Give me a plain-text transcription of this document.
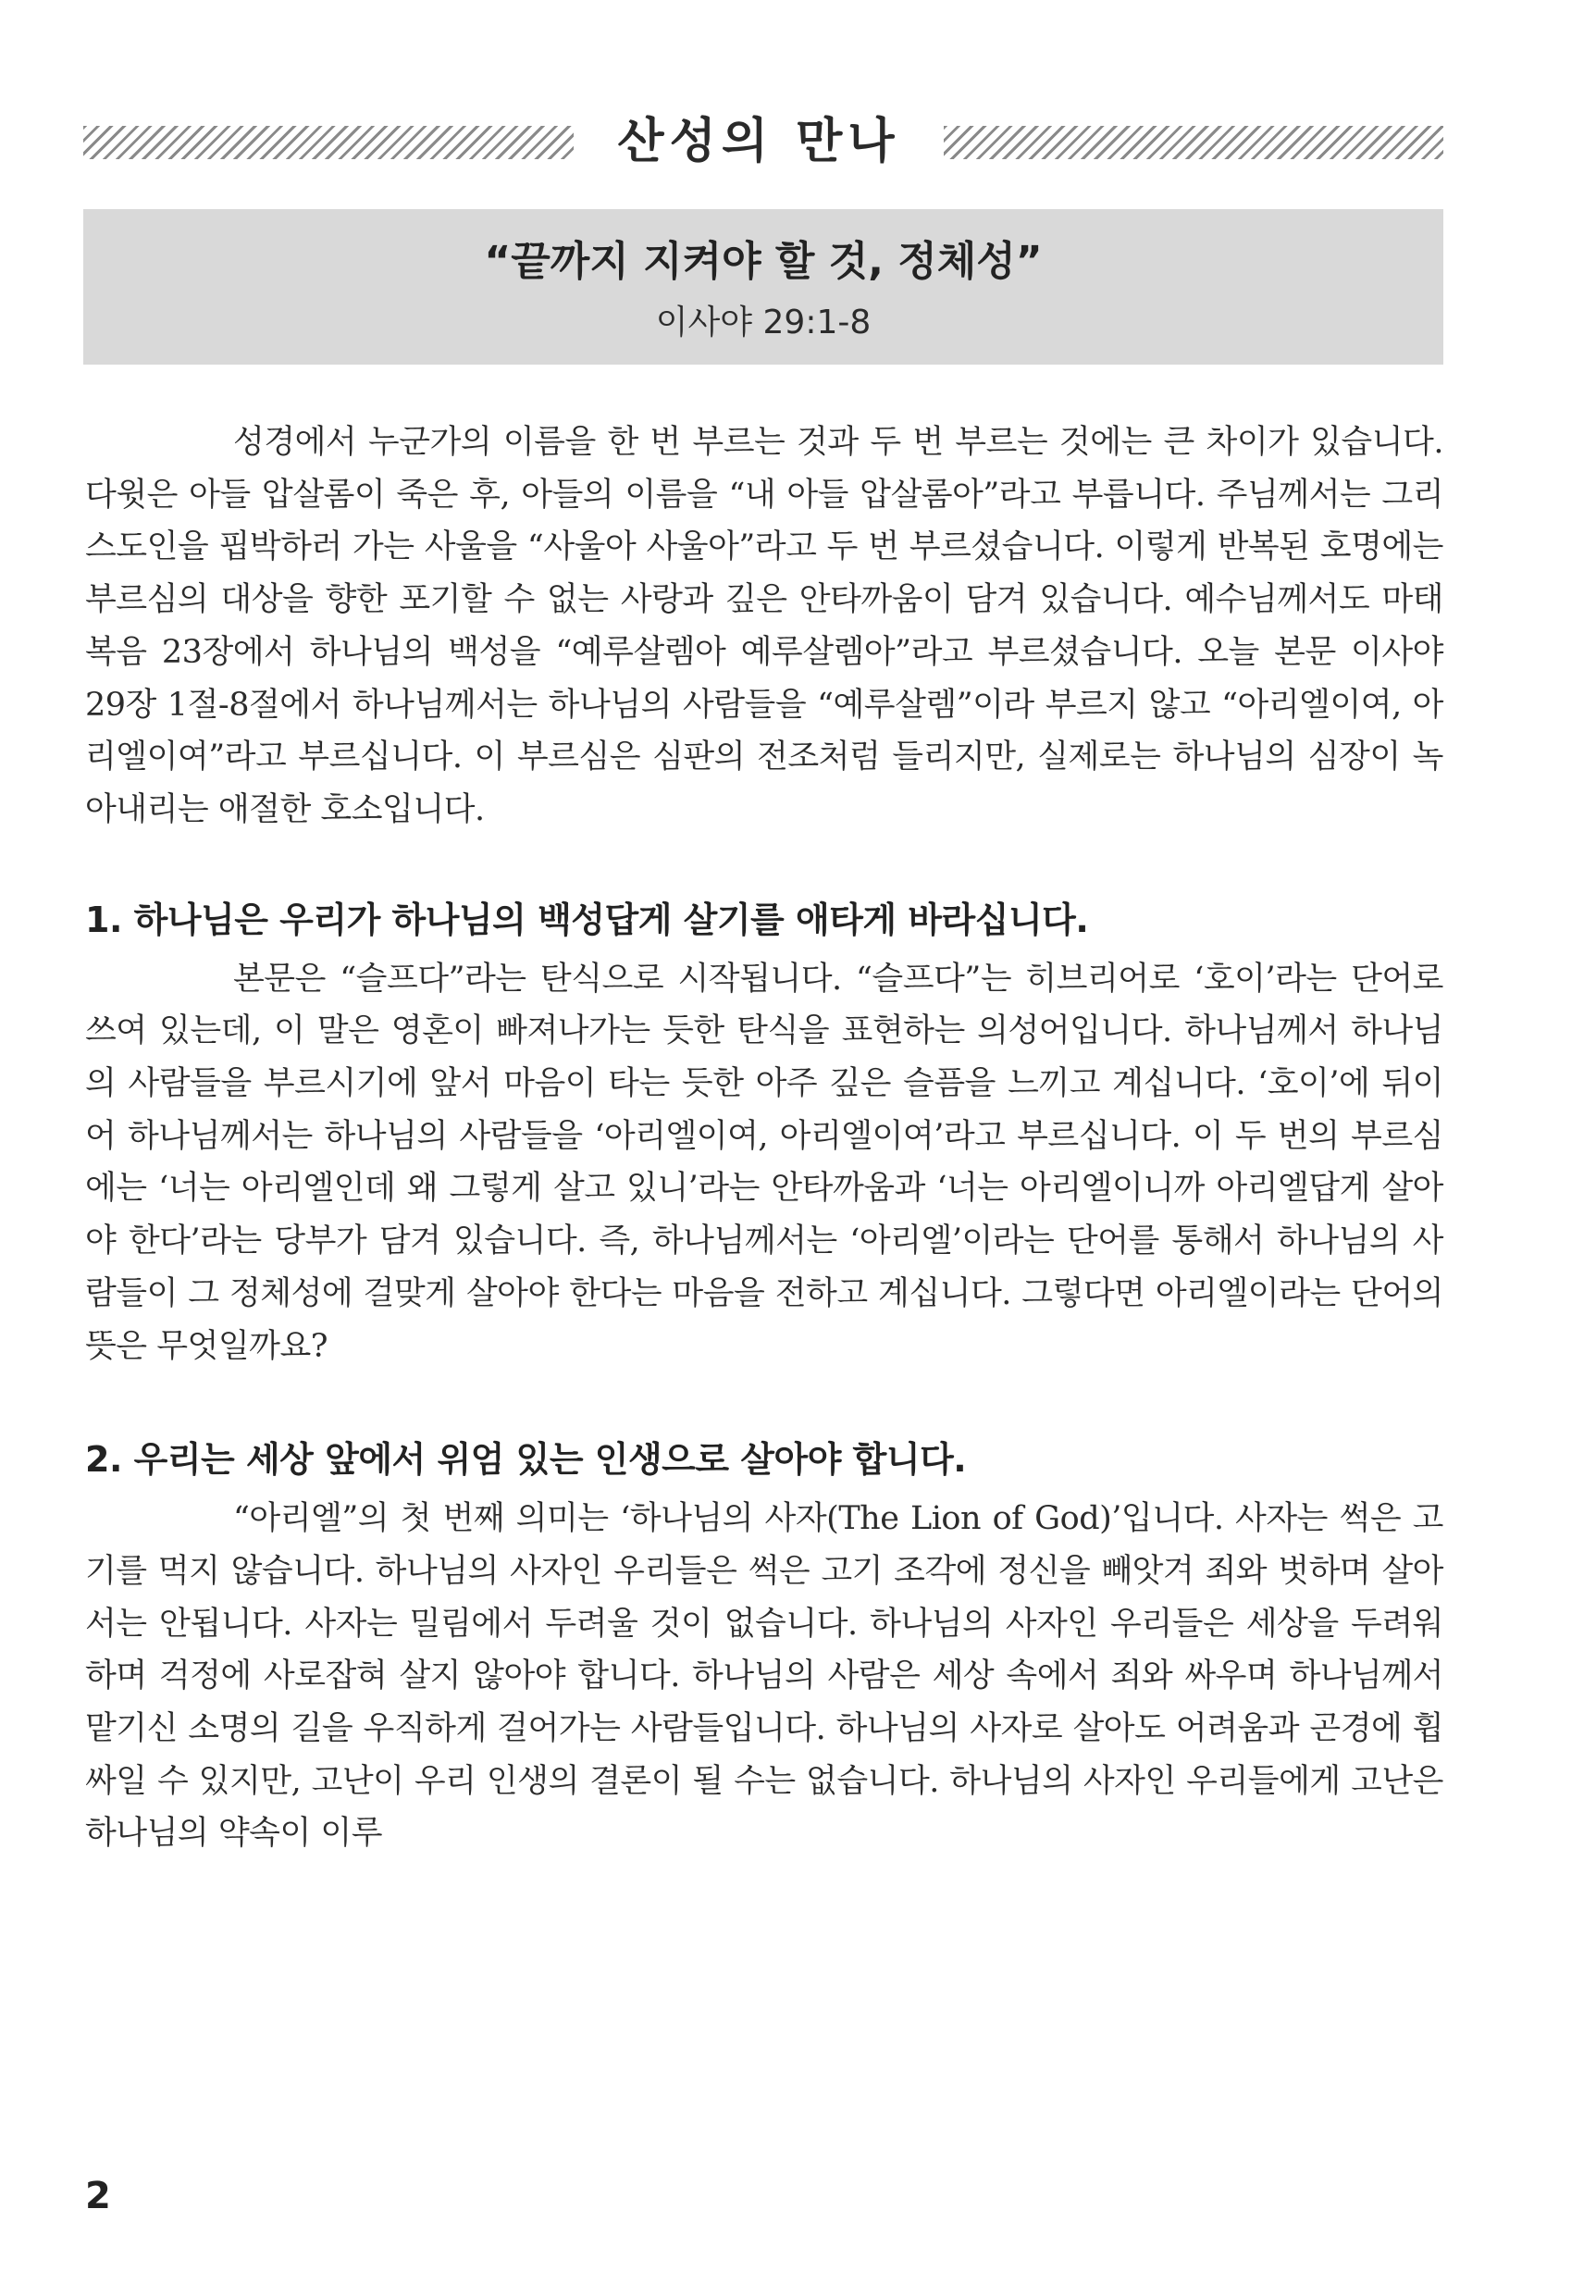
산성의 만나
“끝까지 지켜야 할 것, 정체성”
이사야 29:1-8

성경에서 누군가의 이름을 한 번 부르는 것과 두 번 부르는 것에는 큰 차이가 있습니다. 다윗은 아들 압살롬이 죽은 후, 아들의 이름을 “내 아들 압살롬아”라고 부릅니다. 주님께서는 그리스도인을 핍박하러 가는 사울을 “사울아 사울아”라고 두 번 부르셨습니다. 이렇게 반복된 호명에는 부르심의 대상을 향한 포기할 수 없는 사랑과 깊은 안타까움이 담겨 있습니다. 예수님께서도 마태복음 23장에서 하나님의 백성을 “예루살렘아 예루살렘아”라고 부르셨습니다. 오늘 본문 이사야 29장 1절-8절에서 하나님께서는 하나님의 사람들을 “예루살렘”이라 부르지 않고 “아리엘이여, 아리엘이여”라고 부르십니다. 이 부르심은 심판의 전조처럼 들리지만, 실제로는 하나님의 심장이 녹아내리는 애절한 호소입니다.

1. 하나님은 우리가 하나님의 백성답게 살기를 애타게 바라십니다.

본문은 “슬프다”라는 탄식으로 시작됩니다. “슬프다”는 히브리어로 ‘호이’라는 단어로 쓰여 있는데, 이 말은 영혼이 빠져나가는 듯한 탄식을 표현하는 의성어입니다. 하나님께서 하나님의 사람들을 부르시기에 앞서 마음이 타는 듯한 아주 깊은 슬픔을 느끼고 계십니다. ‘호이’에 뒤이어 하나님께서는 하나님의 사람들을 ‘아리엘이여, 아리엘이여’라고 부르십니다. 이 두 번의 부르심에는 ‘너는 아리엘인데 왜 그렇게 살고 있니’라는 안타까움과 ‘너는 아리엘이니까 아리엘답게 살아야 한다’라는 당부가 담겨 있습니다. 즉, 하나님께서는 ‘아리엘’이라는 단어를 통해서 하나님의 사람들이 그 정체성에 걸맞게 살아야 한다는 마음을 전하고 계십니다. 그렇다면 아리엘이라는 단어의 뜻은 무엇일까요?

2. 우리는 세상 앞에서 위엄 있는 인생으로 살아야 합니다.

“아리엘”의 첫 번째 의미는 ‘하나님의 사자(The Lion of God)’입니다. 사자는 썩은 고기를 먹지 않습니다. 하나님의 사자인 우리들은 썩은 고기 조각에 정신을 빼앗겨 죄와 벗하며 살아서는 안됩니다. 사자는 밀림에서 두려울 것이 없습니다. 하나님의 사자인 우리들은 세상을 두려워하며 걱정에 사로잡혀 살지 않아야 합니다. 하나님의 사람은 세상 속에서 죄와 싸우며 하나님께서 맡기신 소명의 길을 우직하게 걸어가는 사람들입니다. 하나님의 사자로 살아도 어려움과 곤경에 휩싸일 수 있지만, 고난이 우리 인생의 결론이 될 수는 없습니다. 하나님의 사자인 우리들에게 고난은 하나님의 약속이 이루

2
